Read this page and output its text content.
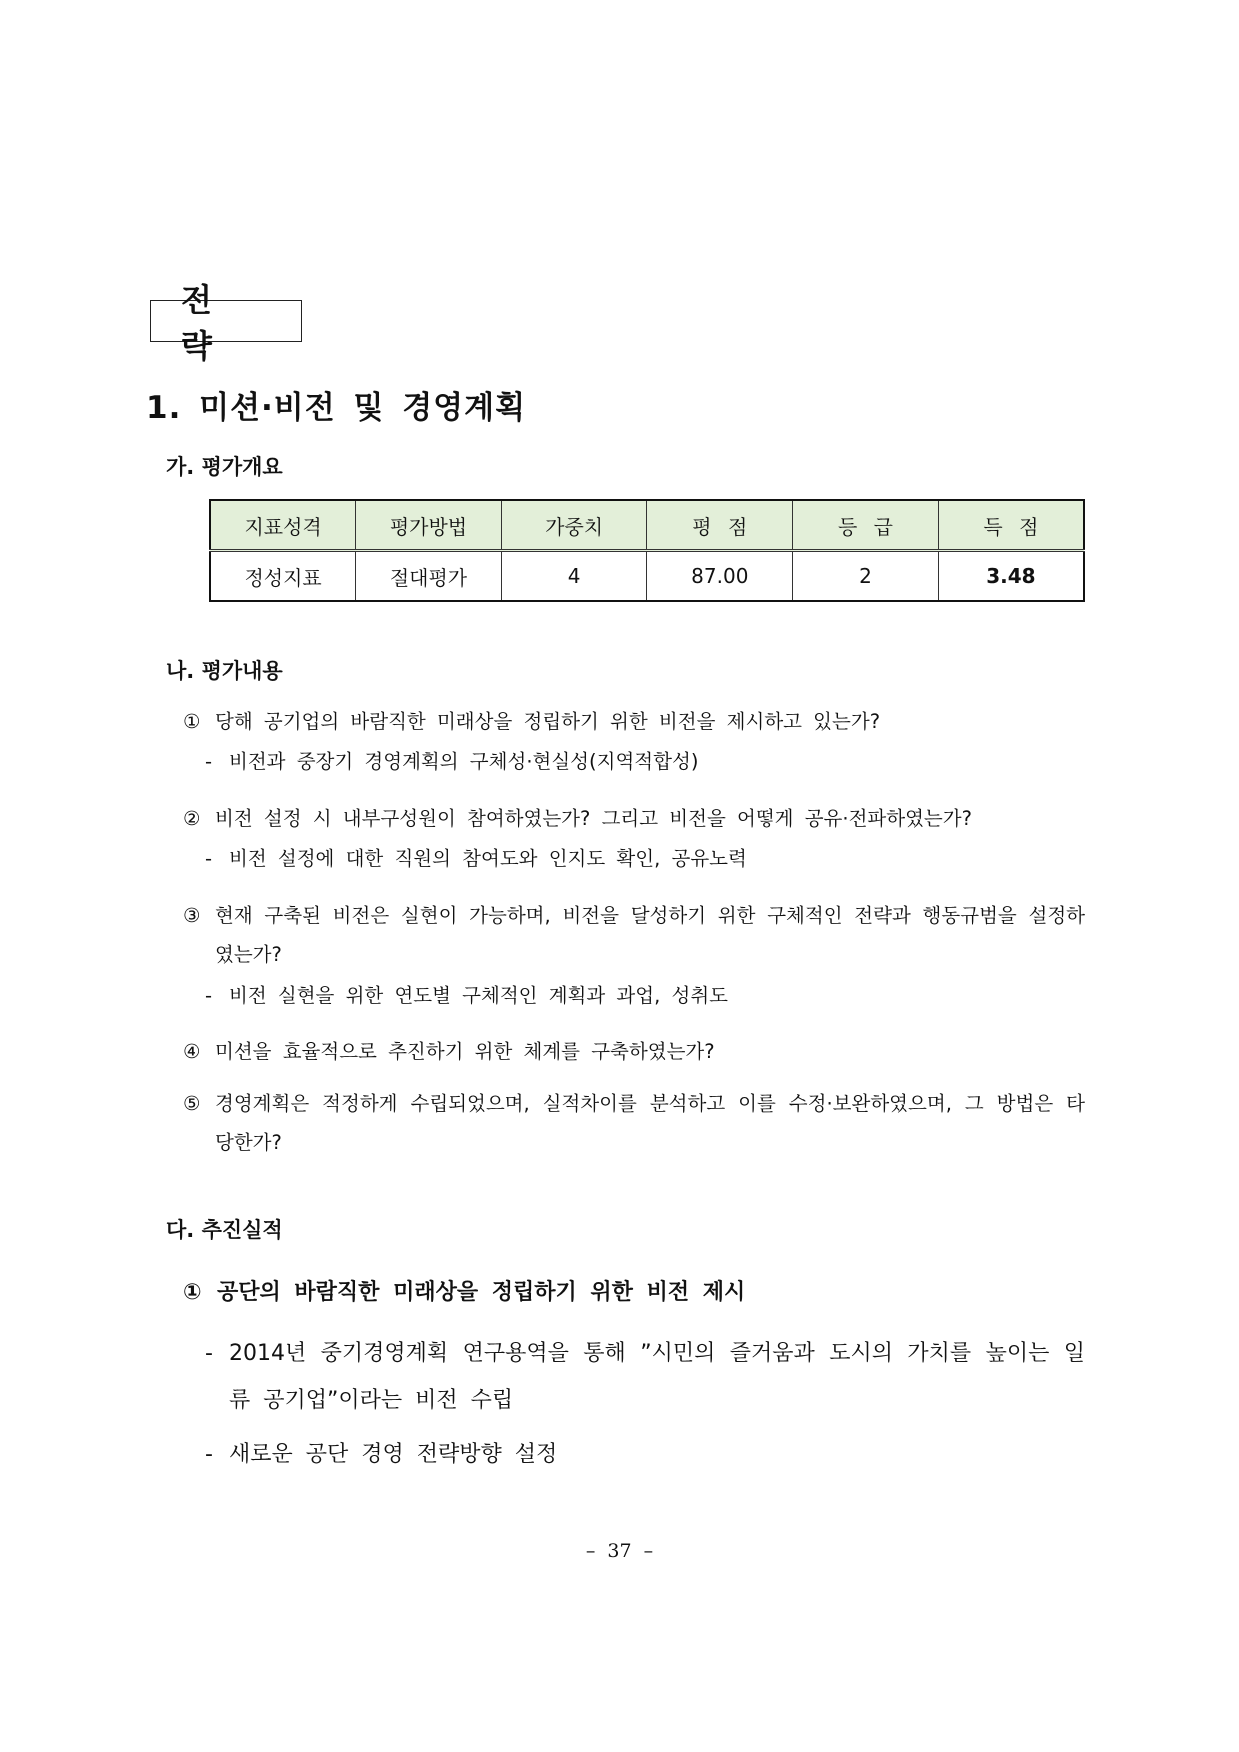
전략
1. 미션·비전 및 경영계획
가. 평가개요
지표성격	평가방법	가중치	평 점	등 급	득 점
정성지표	절대평가	4	87.00	2	3.48
나. 평가내용
① 당해 공기업의 바람직한 미래상을 정립하기 위한 비전을 제시하고 있는가?
- 비전과 중장기 경영계획의 구체성·현실성(지역적합성)
② 비전 설정 시 내부구성원이 참여하였는가? 그리고 비전을 어떻게 공유·전파하였는가?
- 비전 설정에 대한 직원의 참여도와 인지도 확인, 공유노력
③ 현재 구축된 비전은 실현이 가능하며, 비전을 달성하기 위한 구체적인 전략과 행동규범을 설정하였는가?
- 비전 실현을 위한 연도별 구체적인 계획과 과업, 성취도
④ 미션을 효율적으로 추진하기 위한 체계를 구축하였는가?
⑤ 경영계획은 적정하게 수립되었으며, 실적차이를 분석하고 이를 수정·보완하였으며, 그 방법은 타당한가?
다. 추진실적
① 공단의 바람직한 미래상을 정립하기 위한 비전 제시
- 2014년 중기경영계획 연구용역을 통해 ”시민의 즐거움과 도시의 가치를 높이는 일류 공기업”이라는 비전 수립
- 새로운 공단 경영 전략방향 설정
– 37 –
